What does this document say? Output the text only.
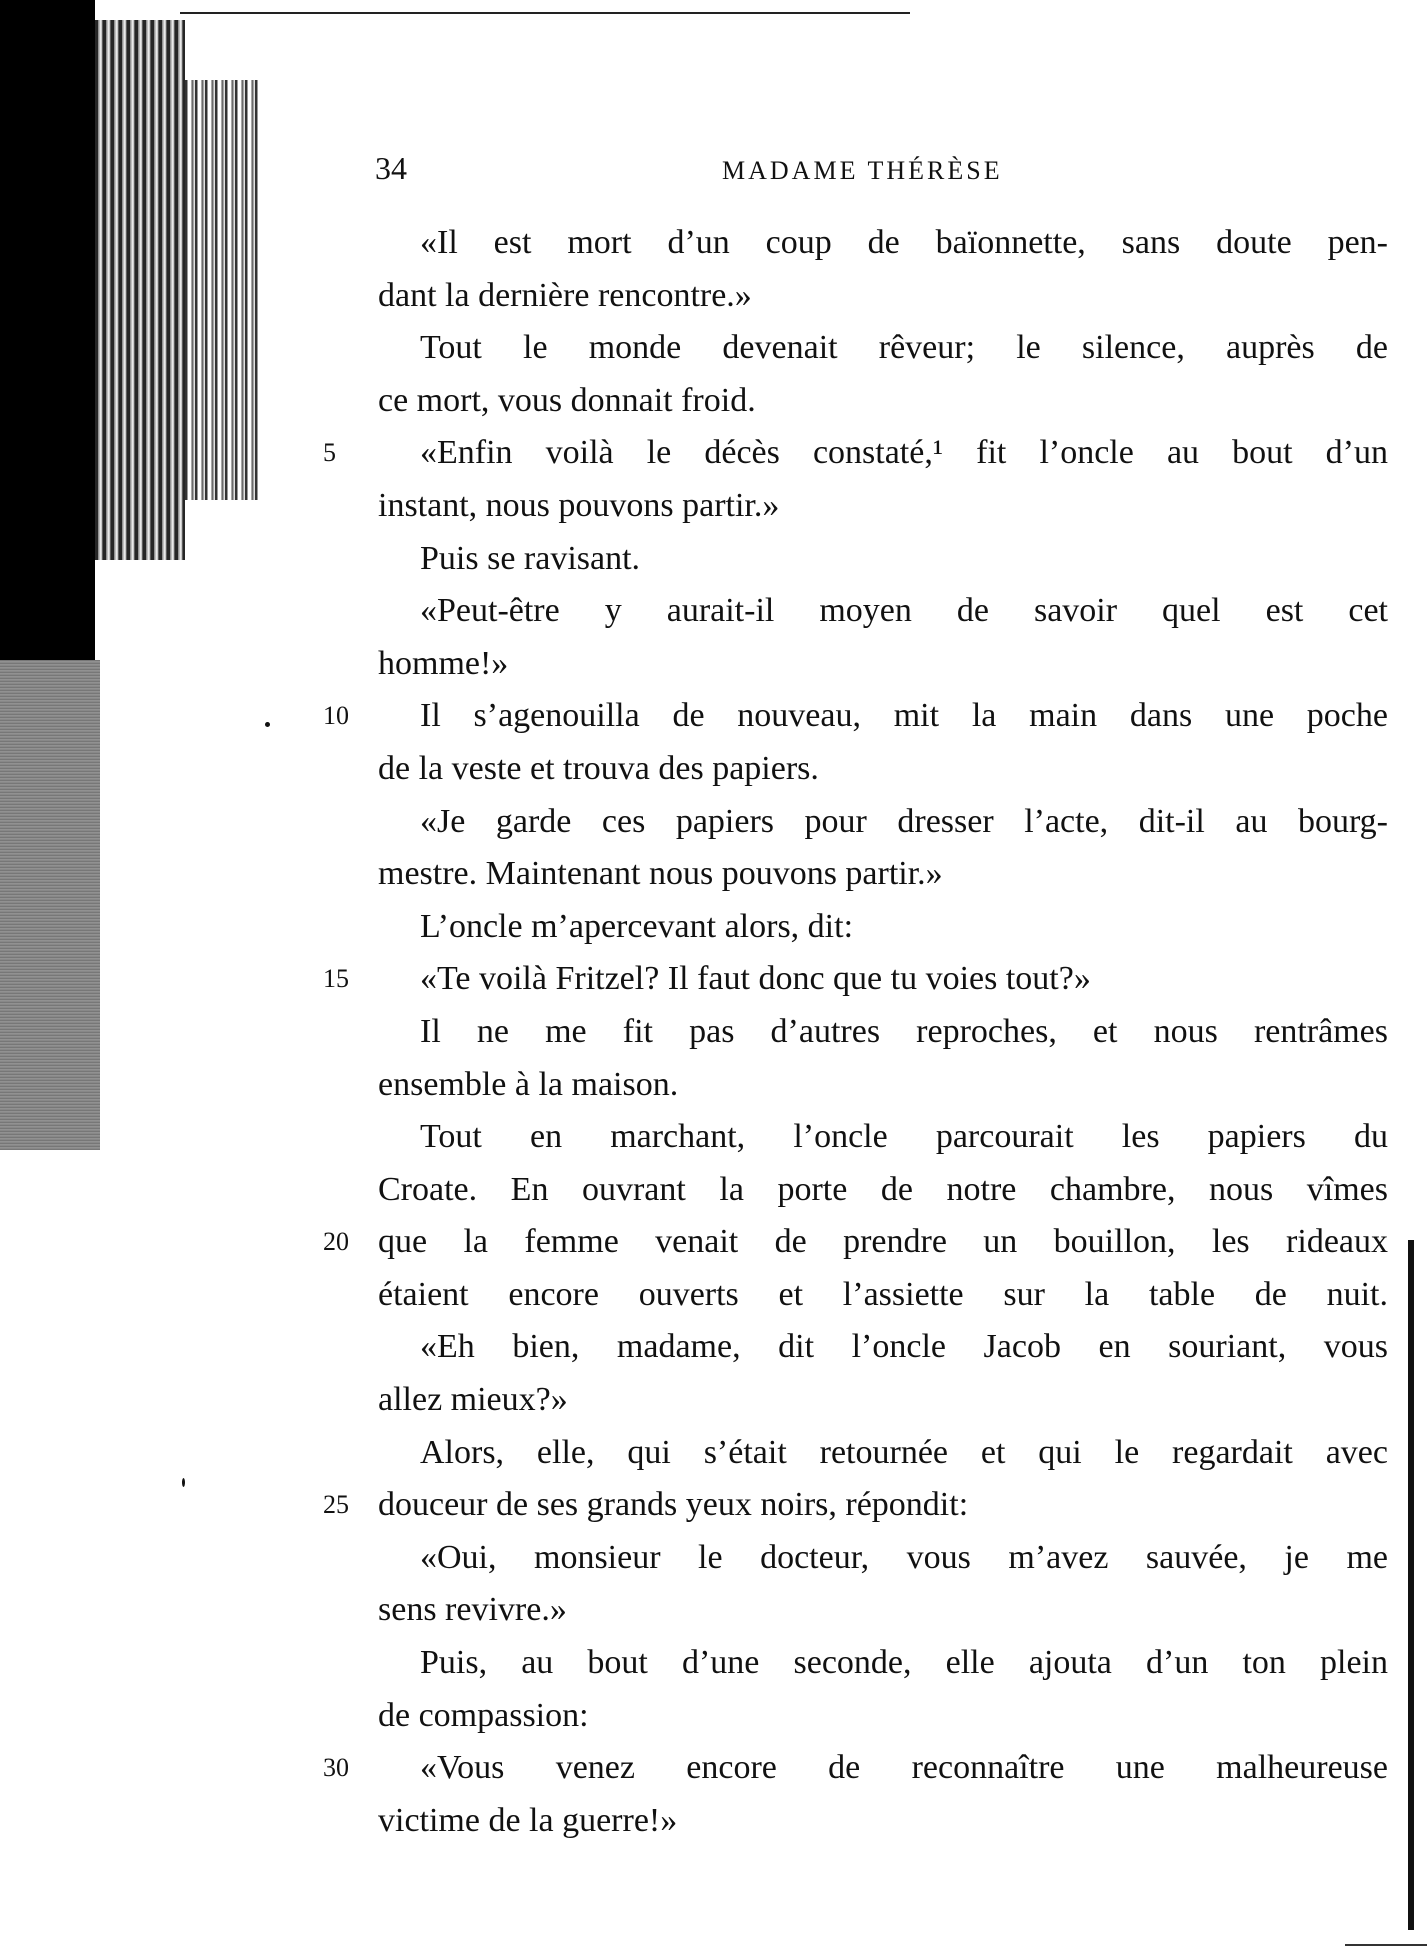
34	MADAME THÉRÈSE
«Il est mort d’un coup de baïonnette, sans doute pen-
dant la dernière rencontre.»
Tout le monde devenait rêveur; le silence, auprès de
ce mort, vous donnait froid.
5	«Enfin voilà le décès constaté,¹ fit l’oncle au bout d’un
instant, nous pouvons partir.»
Puis se ravisant.
«Peut-être y aurait-il moyen de savoir quel est cet
homme!»
10	Il s’agenouilla de nouveau, mit la main dans une poche
de la veste et trouva des papiers.
«Je garde ces papiers pour dresser l’acte, dit-il au bourg-
mestre. Maintenant nous pouvons partir.»
L’oncle m’apercevant alors, dit:
15	«Te voilà Fritzel? Il faut donc que tu voies tout?»
Il ne me fit pas d’autres reproches, et nous rentrâmes
ensemble à la maison.
Tout en marchant, l’oncle parcourait les papiers du
Croate. En ouvrant la porte de notre chambre, nous vîmes
20 que la femme venait de prendre un bouillon, les rideaux
étaient encore ouverts et l’assiette sur la table de nuit.
«Eh bien, madame, dit l’oncle Jacob en souriant, vous
allez mieux?»
Alors, elle, qui s’était retournée et qui le regardait avec
25 douceur de ses grands yeux noirs, répondit:
«Oui, monsieur le docteur, vous m’avez sauvée, je me
sens revivre.»
Puis, au bout d’une seconde, elle ajouta d’un ton plein
de compassion:
30	«Vous venez encore de reconnaître une malheureuse
victime de la guerre!»
